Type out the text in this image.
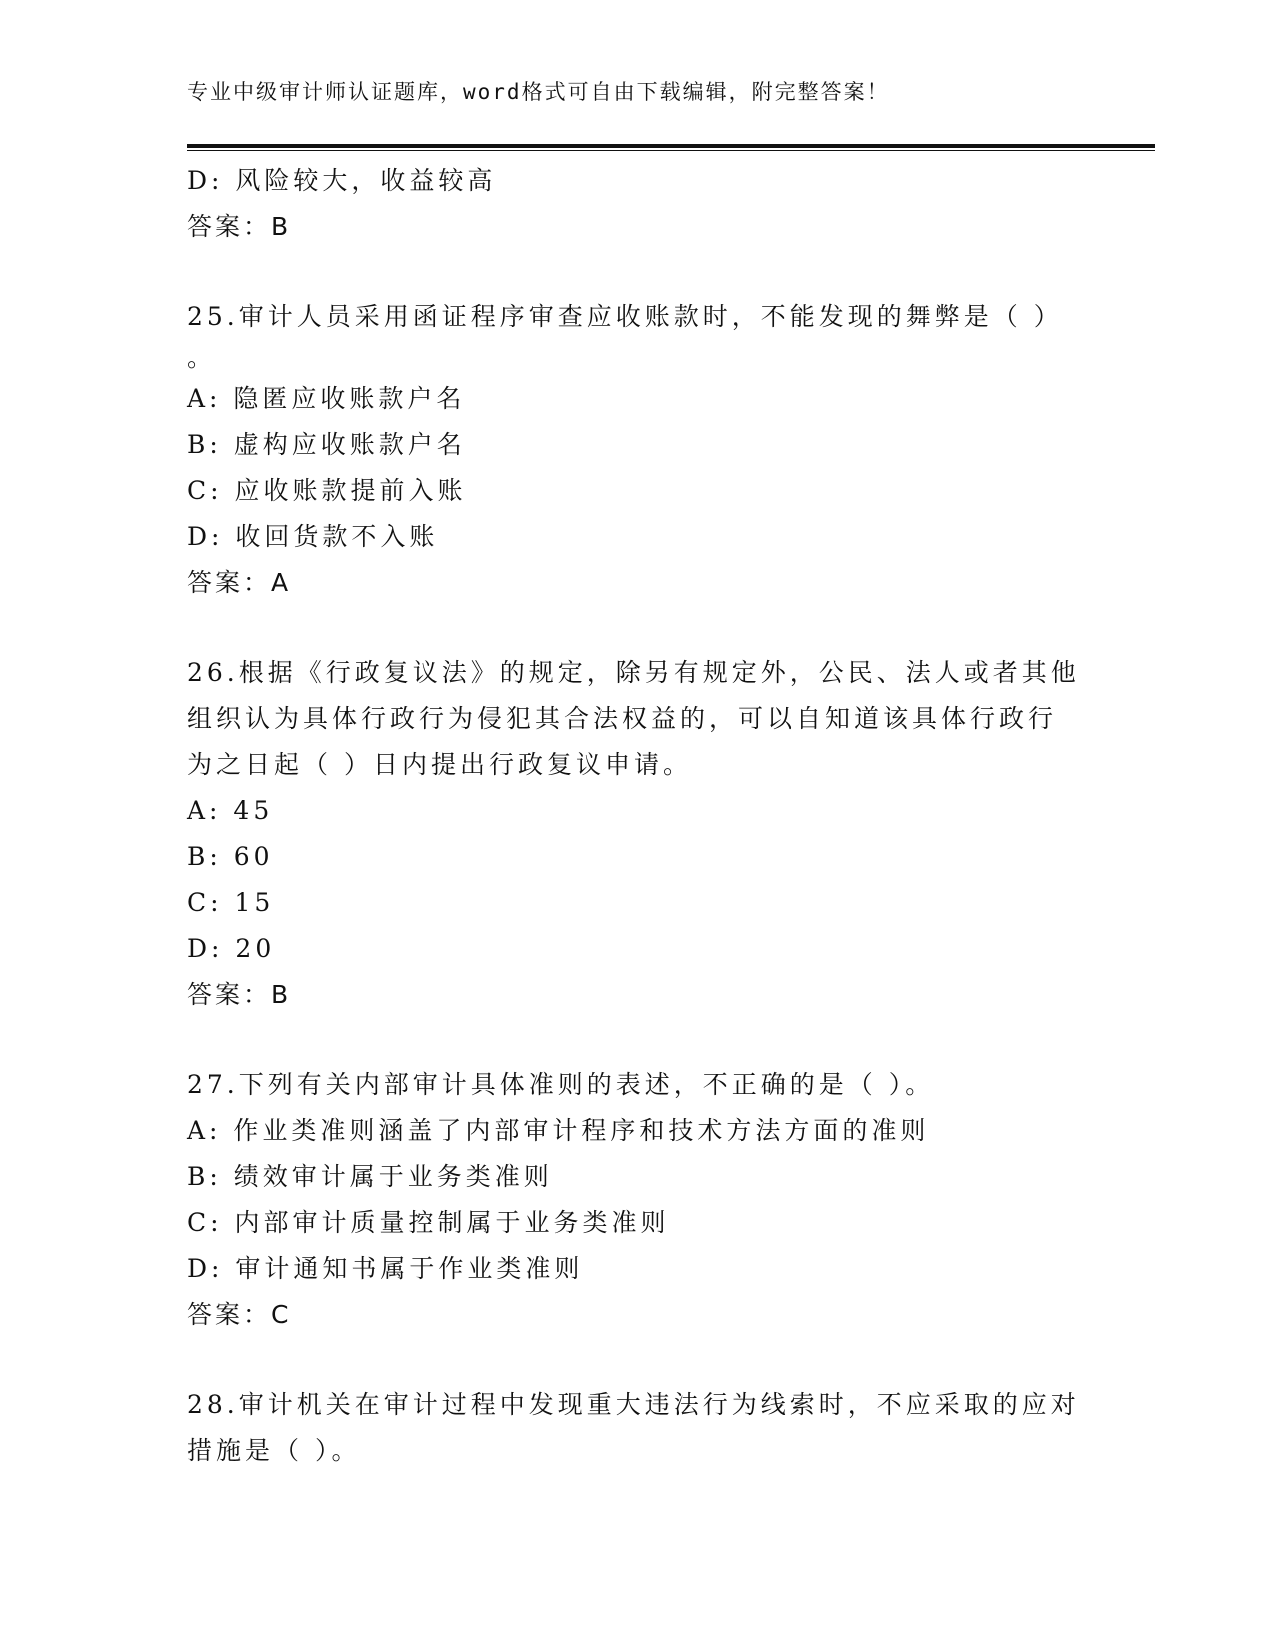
专业中级审计师认证题库，word格式可自由下载编辑，附完整答案！
D: 风险较大，收益较高
答案：B
25.审计人员采用函证程序审查应收账款时，不能发现的舞弊是（ ）
。
A: 隐匿应收账款户名
B: 虚构应收账款户名
C: 应收账款提前入账
D: 收回货款不入账
答案：A
26.根据《行政复议法》的规定，除另有规定外，公民、法人或者其他
组织认为具体行政行为侵犯其合法权益的，可以自知道该具体行政行
为之日起（ ）日内提出行政复议申请。
A: 45
B: 60
C: 15
D: 20
答案：B
27.下列有关内部审计具体准则的表述，不正确的是（ ）。
A: 作业类准则涵盖了内部审计程序和技术方法方面的准则
B: 绩效审计属于业务类准则
C: 内部审计质量控制属于业务类准则
D: 审计通知书属于作业类准则
答案：C
28.审计机关在审计过程中发现重大违法行为线索时，不应采取的应对
措施是（ ）。
